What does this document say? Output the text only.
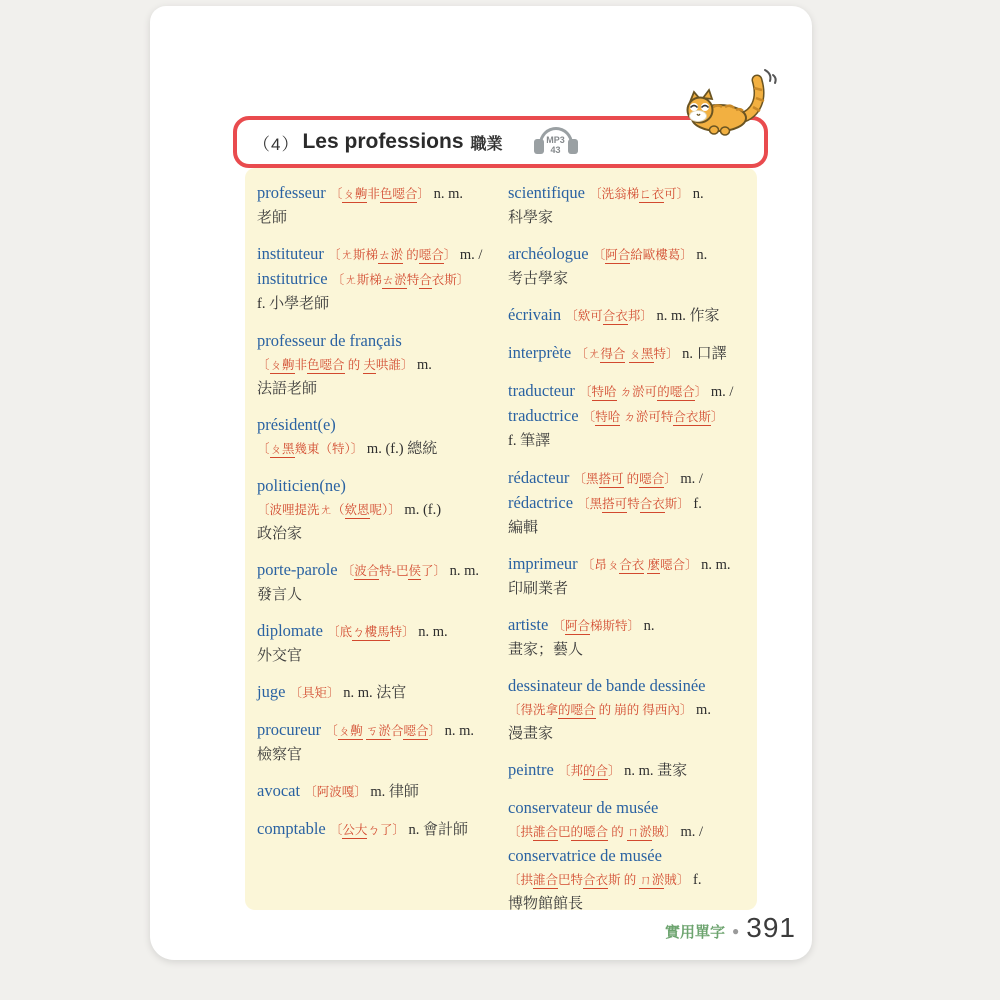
（4） Les professions 職業	MP3
43
professeur 〔ㄆ齁非色噁合〕 n. m.
老師
instituteur 〔ㄤ斯梯ㄊ淤 的噁合〕 m. /
institutrice 〔ㄤ斯梯ㄊ淤特合衣斯〕
f. 小學老師
professeur de français
〔ㄆ齁非色噁合 的 夫哄誰〕 m.
法語老師
président(e)
〔ㄆ黑幾東（特）〕 m. (f.) 總統
politicien(ne)
〔波哩提洗ㄤ（欸恩呢）〕 m. (f.)
政治家
porte-parole 〔波合特-巴侯了〕 n. m.
發言人
diplomate 〔底ㄅ樓馬特〕 n. m.
外交官
juge 〔具矩〕 n. m. 法官
procureur 〔ㄆ齁 ㄎ淤合噁合〕 n. m.
檢察官
avocat 〔阿波嘎〕 m. 律師
comptable 〔公大ㄅ了〕 n. 會計師
scientifique 〔洗翁梯ㄈ衣可〕 n.
科學家
archéologue 〔阿合給歐樓葛〕 n.
考古學家
écrivain 〔欸可合衣邦〕 n. m. 作家
interprète 〔ㄤ得合 ㄆ黑特〕 n. 口譯
traducteur 〔特哈 ㄉ淤可的噁合〕 m. /
traductrice 〔特哈 ㄉ淤可特合衣斯〕
f. 筆譯
rédacteur 〔黑搭可 的噁合〕 m. /
rédactrice 〔黑搭可特合衣斯〕 f.
編輯
imprimeur 〔昂ㄆ合衣 麼噁合〕 n. m.
印刷業者
artiste 〔阿合梯斯特〕 n.
畫家；藝人
dessinateur de bande dessinée
〔得洗拿的噁合 的 崩的 得西內〕 m.
漫畫家
peintre 〔邦的合〕 n. m. 畫家
conservateur de musée
〔拱誰合巴的噁合 的 ㄇ淤賊〕 m. /
conservatrice de musée
〔拱誰合巴特合衣斯 的 ㄇ淤賊〕 f.
博物館館長
實用單字 ● 391
